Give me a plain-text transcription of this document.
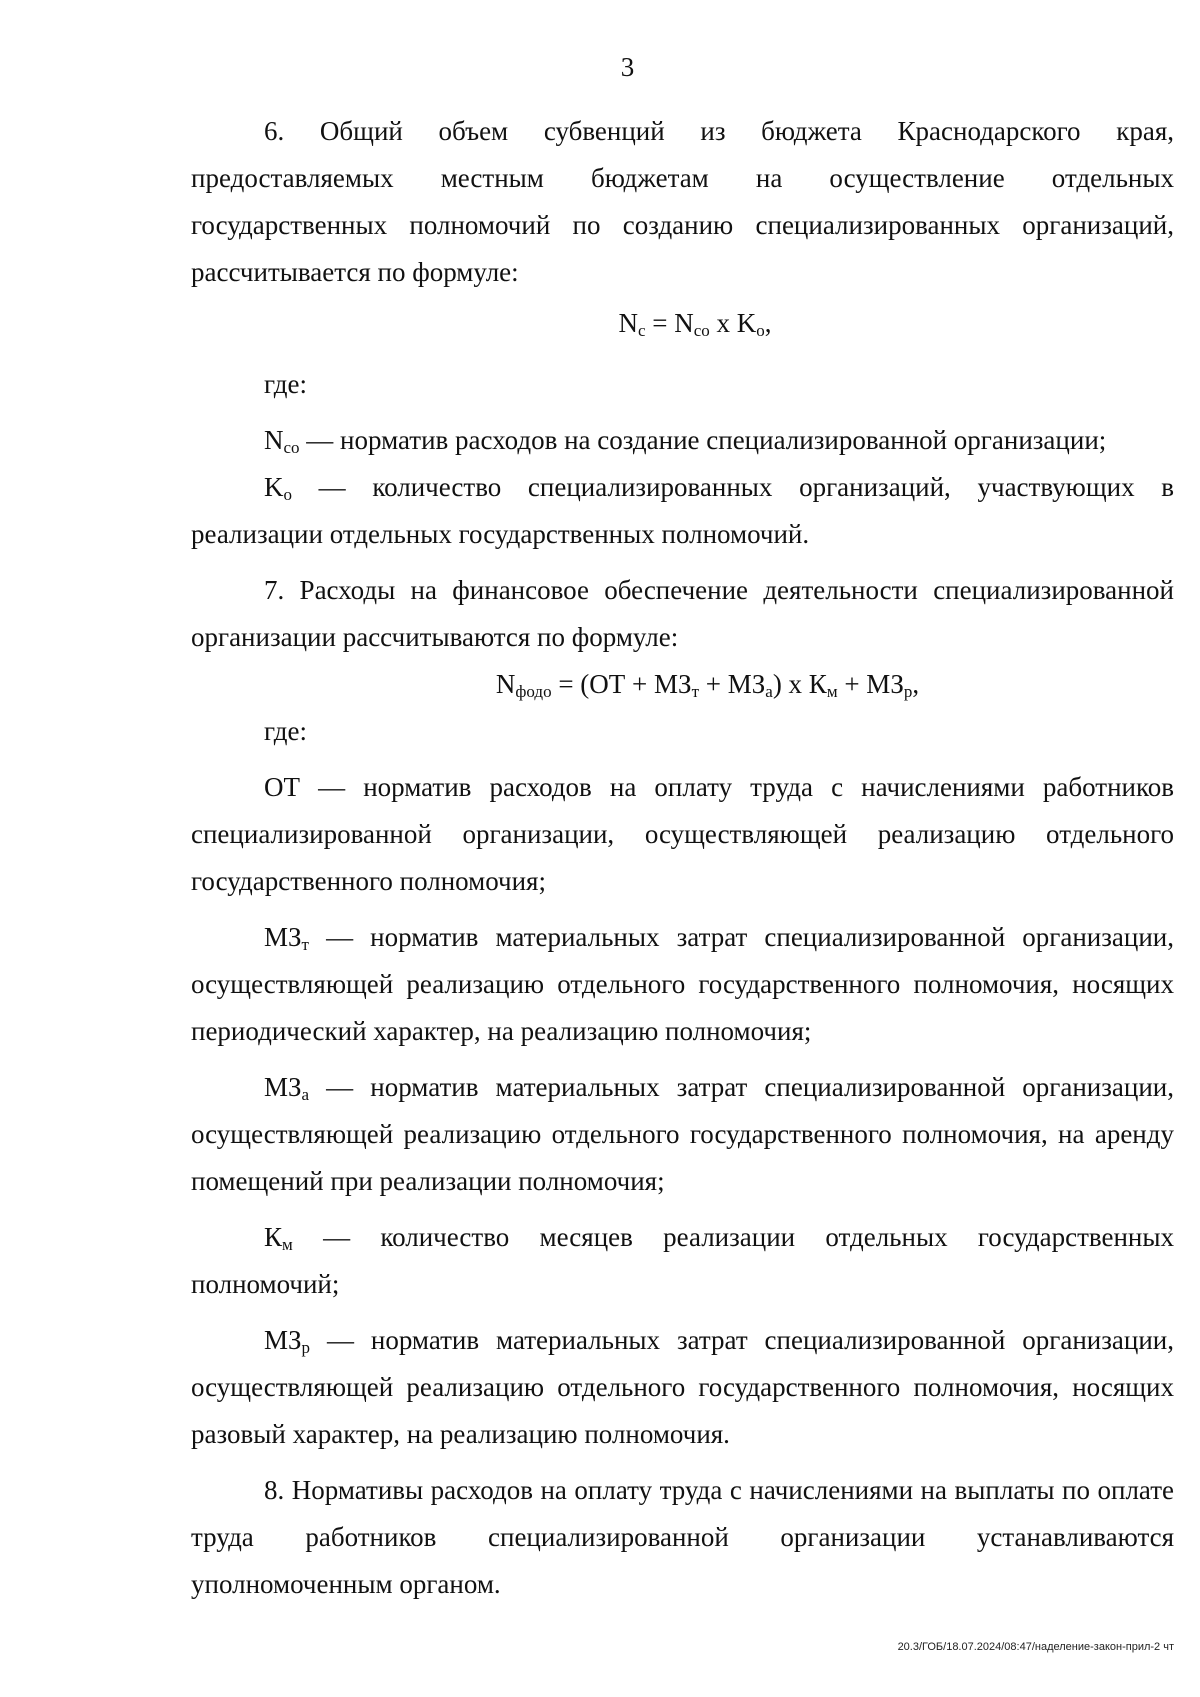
3

6. Общий объем субвенций из бюджета Краснодарского края, предоставляемых местным бюджетам на осуществление отдельных государственных полномочий по созданию специализированных организаций, рассчитывается по формуле:

$N_c = N_{co}$ x $K_o$,

где:

$N_{co}$ — норматив расходов на создание специализированной организации;

$K_o$ — количество специализированных организаций, участвующих в реализации отдельных государственных полномочий.

7. Расходы на финансовое обеспечение деятельности специализированной организации рассчитываются по формуле:

$N_{фодо} = (ОТ + МЗ_т + МЗ_а)$ x $К_м + МЗ_р$,

где:

ОТ — норматив расходов на оплату труда с начислениями работников специализированной организации, осуществляющей реализацию отдельного государственного полномочия;

$МЗ_т$ — норматив материальных затрат специализированной организации, осуществляющей реализацию отдельного государственного полномочия, носящих периодический характер, на реализацию полномочия;

$МЗ_а$ — норматив материальных затрат специализированной организации, осуществляющей реализацию отдельного государственного полномочия, на аренду помещений при реализации полномочия;

$К_м$ — количество месяцев реализации отдельных государственных полномочий;

$МЗ_р$ — норматив материальных затрат специализированной организации, осуществляющей реализацию отдельного государственного полномочия, носящих разовый характер, на реализацию полномочия.

8. Нормативы расходов на оплату труда с начислениями на выплаты по оплате труда работников специализированной организации устанавливаются уполномоченным органом.

20.3/ГОБ/18.07.2024/08:47/наделение-закон-прил-2 чт
